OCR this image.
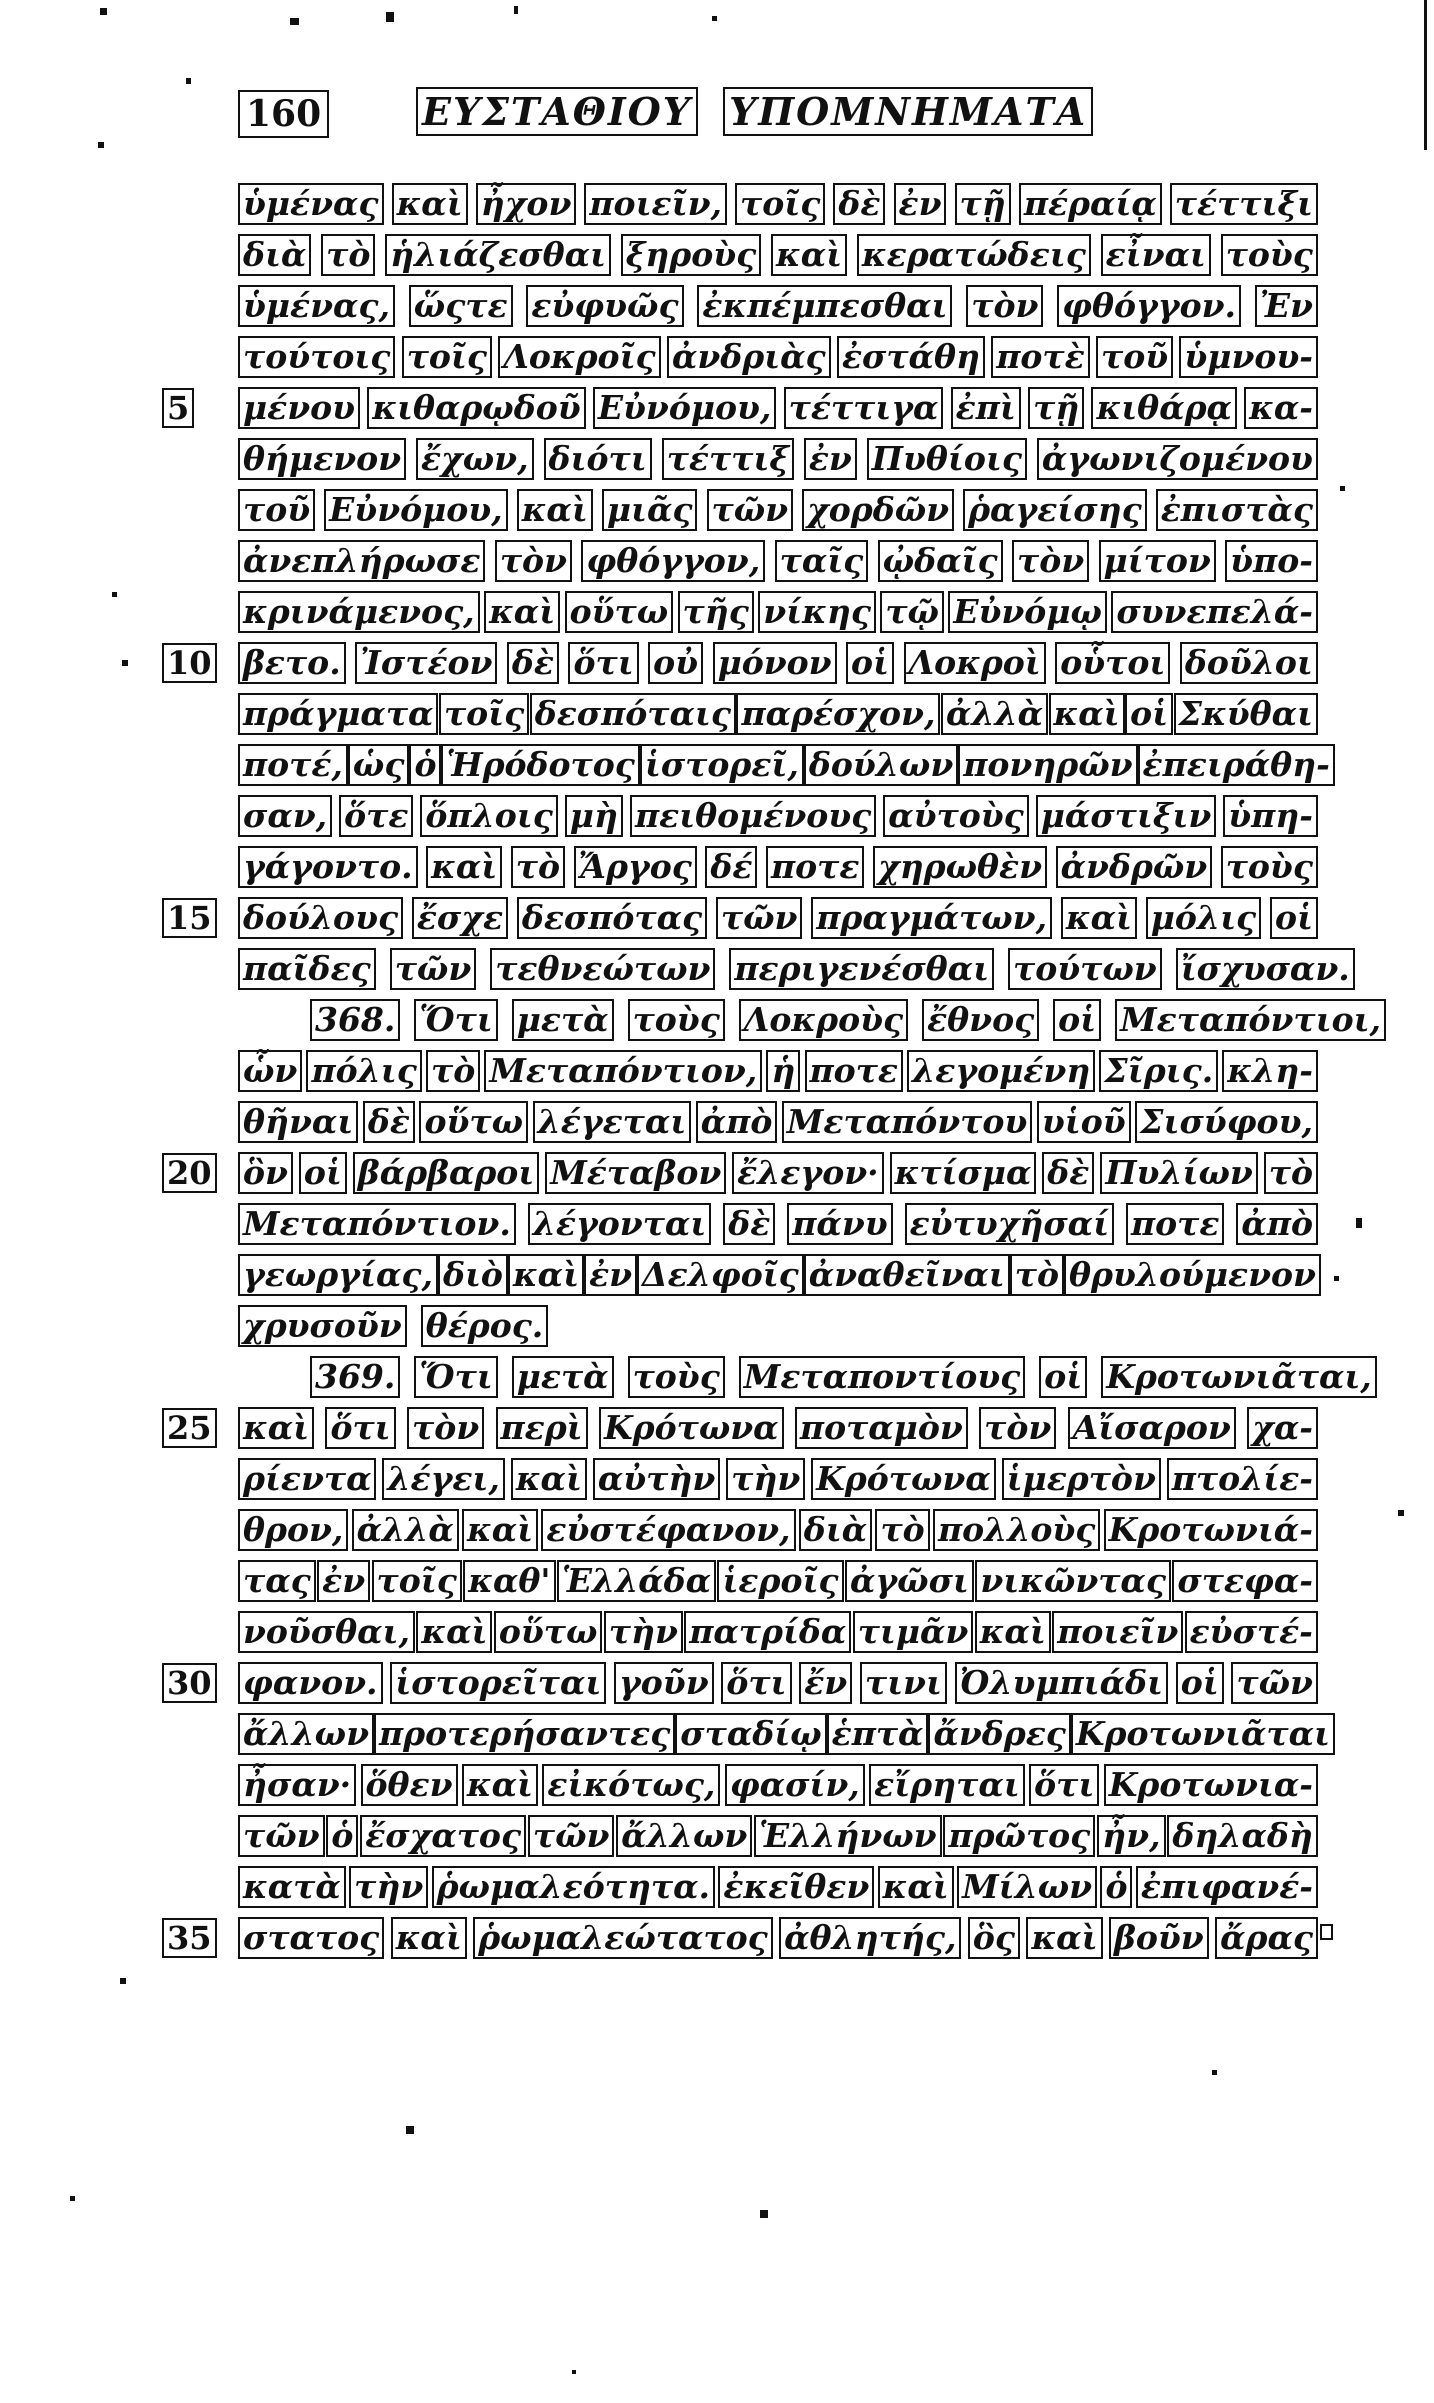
160	ΕΥΣΤΑΘΙΟΥ ΥΠΟΜΝΗΜΑΤΑ
ὑμένας καὶ ἦχον ποιεῖν, τοῖς δὲ ἐν τῇ πέραίᾳ τέττιξι
διὰ τὸ ἡλιάζεσθαι ξηροὺς καὶ κερατώδεις εἶναι τοὺς
ὑμένας, ὥςτε εὐφυῶς ἐκπέμπεσθαι τὸν φθόγγον. Ἐν
τούτοις τοῖς Λοκροῖς ἀνδριὰς ἐστάθη ποτὲ τοῦ ὑμνου-
5 μένου κιθαρῳδοῦ Εὐνόμου, τέττιγα ἐπὶ τῇ κιθάρᾳ κα-
θήμενον ἔχων, διότι τέττιξ ἐν Πυθίοις ἀγωνιζομένου
τοῦ Εὐνόμου, καὶ μιᾶς τῶν χορδῶν ῥαγείσης ἐπιστὰς
ἀνεπλήρωσε τὸν φθόγγον, ταῖς ᾠδαῖς τὸν μίτον ὑπο-
κρινάμενος, καὶ οὕτω τῆς νίκης τῷ Εὐνόμῳ συνεπελά-
10 βετο. Ἰστέον δὲ ὅτι οὐ μόνον οἱ Λοκροὶ οὗτοι δοῦλοι
πράγματα τοῖς δεσπόταις παρέσχον, ἀλλὰ καὶ οἱ Σκύθαι
ποτέ, ὡς ὁ Ἡρόδοτος ἱστορεῖ, δούλων πονηρῶν ἐπειράθη-
σαν, ὅτε ὅπλοις μὴ πειθομένους αὐτοὺς μάστιξιν ὑπη-
γάγοντο. καὶ τὸ Ἄργος δέ ποτε χηρωθὲν ἀνδρῶν τοὺς
15 δούλους ἔσχε δεσπότας τῶν πραγμάτων, καὶ μόλις οἱ
παῖδες τῶν τεθνεώτων περιγενέσθαι τούτων ἴσχυσαν.
368. Ὅτι μετὰ τοὺς Λοκροὺς ἔθνος οἱ Μεταπόντιοι,
ὧν πόλις τὸ Μεταπόντιον, ἡ ποτε λεγομένη Σῖρις. κλη-
θῆναι δὲ οὕτω λέγεται ἀπὸ Μεταπόντου υἱοῦ Σισύφου,
20 ὃν οἱ βάρβαροι Μέταβον ἔλεγον· κτίσμα δὲ Πυλίων τὸ
Μεταπόντιον. λέγονται δὲ πάνυ εὐτυχῆσαί ποτε ἀπὸ
γεωργίας, διὸ καὶ ἐν Δελφοῖς ἀναθεῖναι τὸ θρυλούμενον
χρυσοῦν θέρος.
369. Ὅτι μετὰ τοὺς Μεταποντίους οἱ Κροτωνιᾶται,
25 καὶ ὅτι τὸν περὶ Κρότωνα ποταμὸν τὸν Αἴσαρον χα-
ρίεντα λέγει, καὶ αὐτὴν τὴν Κρότωνα ἱμερτὸν πτολίε-
θρον, ἀλλὰ καὶ εὐστέφανον, διὰ τὸ πολλοὺς Κροτωνιά-
τας ἐν τοῖς καθ' Ἑλλάδα ἱεροῖς ἀγῶσι νικῶντας στεφα-
νοῦσθαι, καὶ οὕτω τὴν πατρίδα τιμᾶν καὶ ποιεῖν εὐστέ-
30 φανον. ἱστορεῖται γοῦν ὅτι ἔν τινι Ὀλυμπιάδι οἱ τῶν
ἄλλων προτερήσαντες σταδίῳ ἑπτὰ ἄνδρες Κροτωνιᾶται
ἦσαν· ὅθεν καὶ εἰκότως, φασίν, εἴρηται ὅτι Κροτωνια-
τῶν ὁ ἔσχατος τῶν ἄλλων Ἑλλήνων πρῶτος ἦν, δηλαδὴ
κατὰ τὴν ῥωμαλεότητα. ἐκεῖθεν καὶ Μίλων ὁ ἐπιφανέ-
35 στατος καὶ ῥωμαλεώτατος ἀθλητής, ὃς καὶ βοῦν ἄρας
